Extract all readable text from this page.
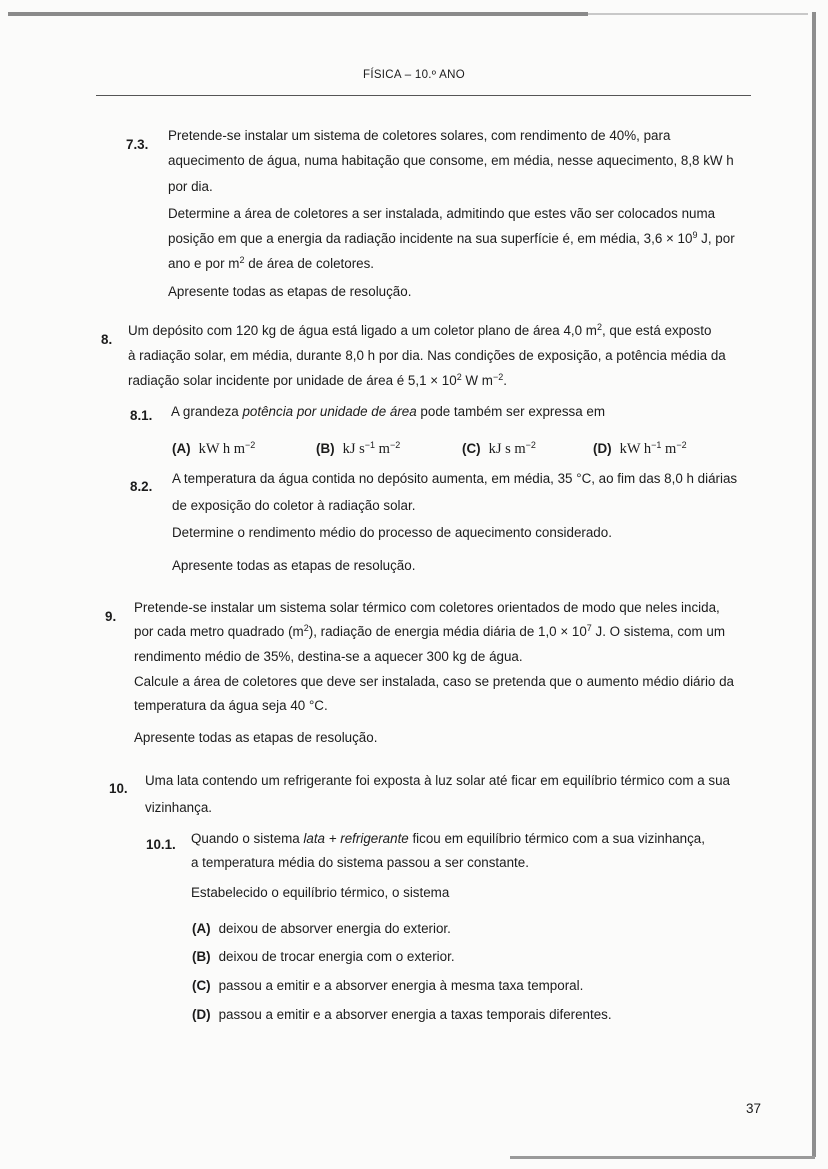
FÍSICA – 10.º ANO
7.3.
Pretende-se instalar um sistema de coletores solares, com rendimento de 40%, para
aquecimento de água, numa habitação que consome, em média, nesse aquecimento, 8,8 kW h
por dia.
Determine a área de coletores a ser instalada, admitindo que estes vão ser colocados numa
posição em que a energia da radiação incidente na sua superfície é, em média, $3,6 \times 10^9$ J, por
ano e por $m^2$ de área de coletores.
Apresente todas as etapas de resolução.
8.
Um depósito com 120 kg de água está ligado a um coletor plano de área 4,0 $m^2$, que está exposto
à radiação solar, em média, durante 8,0 h por dia. Nas condições de exposição, a potência média da
radiação solar incidente por unidade de área é $5,1 \times 10^2$ W $m^{-2}$.
8.1. A grandeza potência por unidade de área pode também ser expressa em
(A) kW h $m^{-2}$	(B) kJ $s^{-1}$ $m^{-2}$	(C) kJ s $m^{-2}$	(D) kW $h^{-1}$ $m^{-2}$
8.2.
A temperatura da água contida no depósito aumenta, em média, 35 °C, ao fim das 8,0 h diárias
de exposição do coletor à radiação solar.
Determine o rendimento médio do processo de aquecimento considerado.
Apresente todas as etapas de resolução.
9.
Pretende-se instalar um sistema solar térmico com coletores orientados de modo que neles incida,
por cada metro quadrado $(m^2)$, radiação de energia média diária de $1,0 \times 10^7$ J. O sistema, com um
rendimento médio de 35%, destina-se a aquecer 300 kg de água.
Calcule a área de coletores que deve ser instalada, caso se pretenda que o aumento médio diário da
temperatura da água seja 40 °C.
Apresente todas as etapas de resolução.
10.
Uma lata contendo um refrigerante foi exposta à luz solar até ficar em equilíbrio térmico com a sua
vizinhança.
10.1. Quando o sistema lata + refrigerante ficou em equilíbrio térmico com a sua vizinhança,
a temperatura média do sistema passou a ser constante.
Estabelecido o equilíbrio térmico, o sistema
(A) deixou de absorver energia do exterior.
(B) deixou de trocar energia com o exterior.
(C) passou a emitir e a absorver energia à mesma taxa temporal.
(D) passou a emitir e a absorver energia a taxas temporais diferentes.
37
